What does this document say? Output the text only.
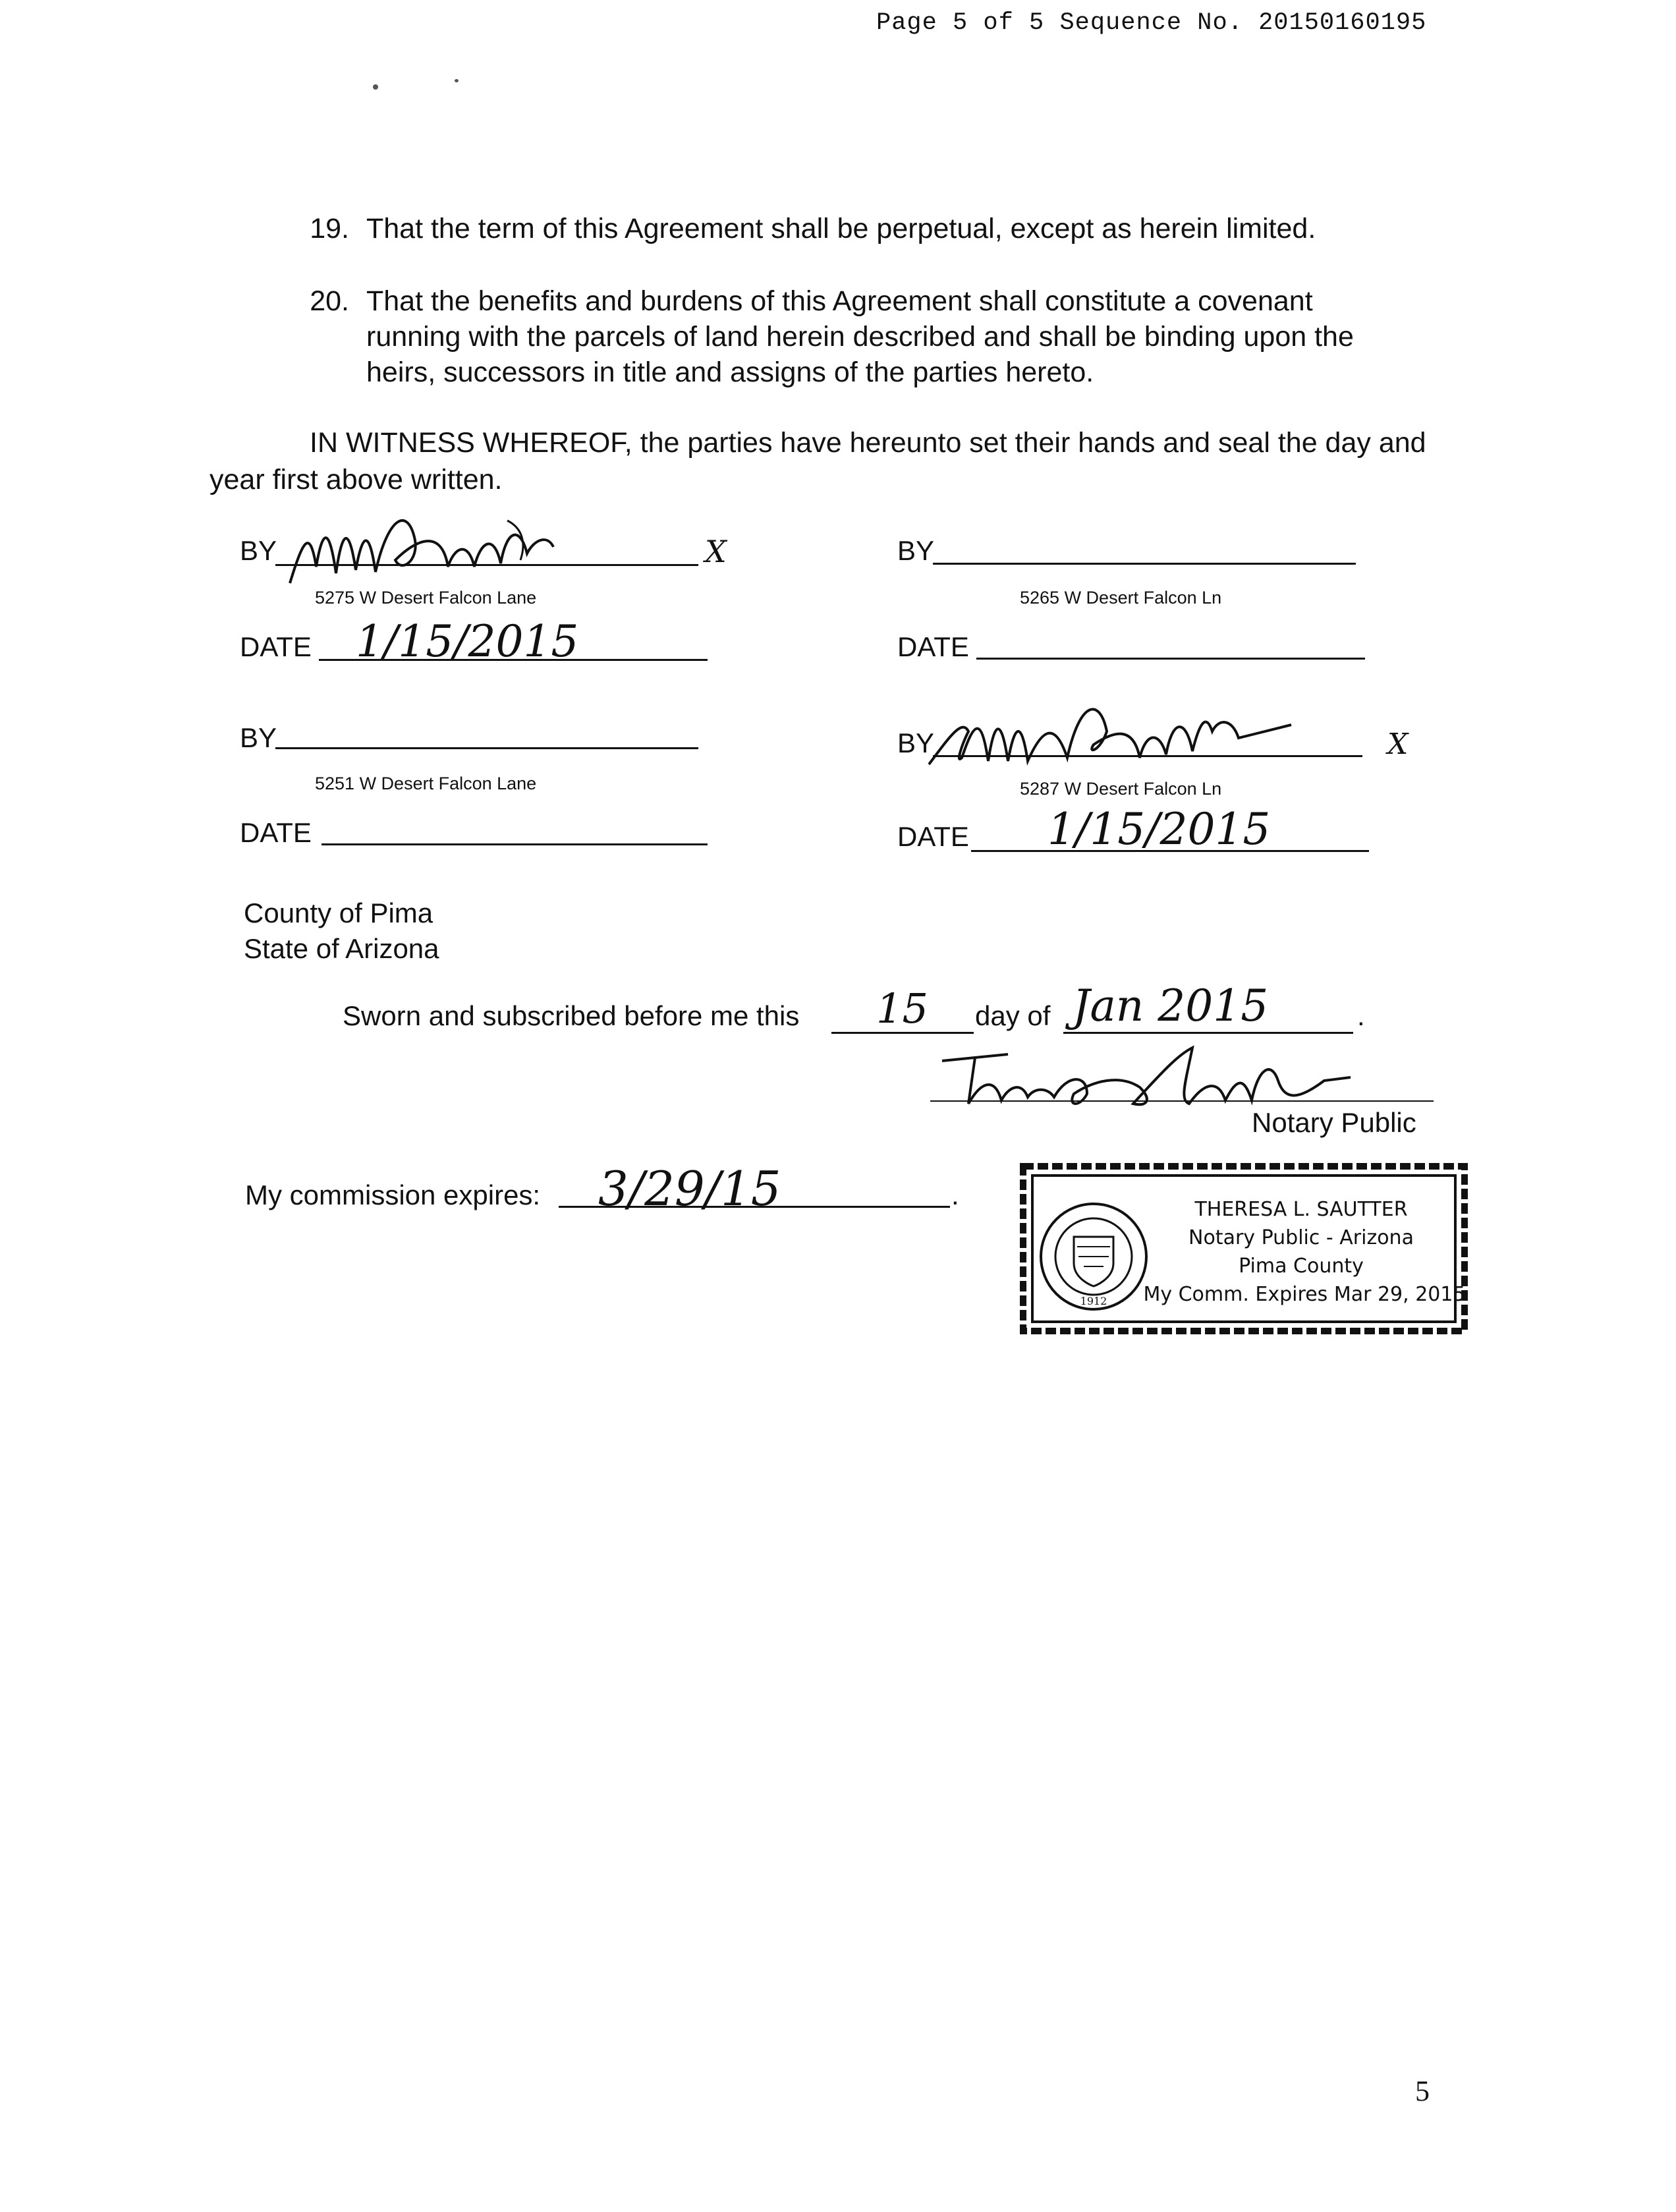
Page 5 of 5 Sequence No. 20150160195
19. That the term of this Agreement shall be perpetual, except as herein limited.
20. That the benefits and burdens of this Agreement shall constitute a covenant
running with the parcels of land herein described and shall be binding upon the
heirs, successors in title and assigns of the parties hereto.
IN WITNESS WHEREOF, the parties have hereunto set their hands and seal the day and
year first above written.
BY	X
5275 W Desert Falcon Lane
DATE 1/15/2015
BY
5265 W Desert Falcon Ln
DATE
BY
5251 W Desert Falcon Lane
DATE
BY	X
5287 W Desert Falcon Ln
DATE 1/15/2015
County of Pima
State of Arizona
Sworn and subscribed before me this 15 day of Jan 2015	.
Notary Public
My commission expires: 3/29/15	.
1912
THERESA L. SAUTTER
Notary Public - Arizona
Pima County
My Comm. Expires Mar 29, 2015
5
